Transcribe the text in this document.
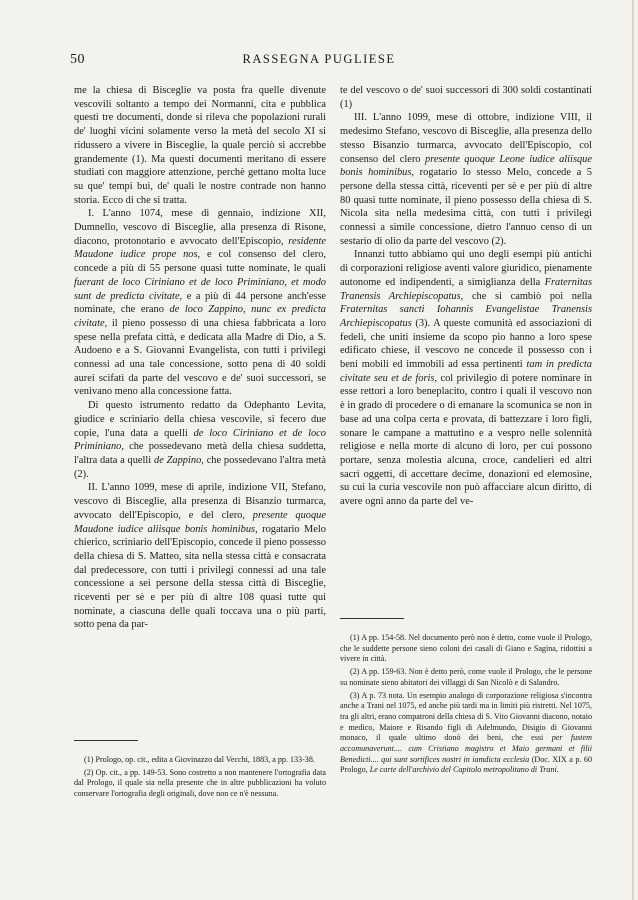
50	RASSEGNA PUGLIESE

me la chiesa di Bisceglie va posta fra quelle divenute vescovili soltanto a tempo dei Normanni, cita e pubblica questi tre documenti, donde si rileva che popolazioni rurali de' luoghi vicini solamente verso la metà del secolo XI si ridussero a vivere in Bisceglie, la quale perciò si accrebbe grandemente (1). Ma questi documenti meritano di essere studiati con maggiore attenzione, perchè gettano molta luce su que' tempi bui, de' quali le nostre contrade non hanno storia. Ecco di che si tratta.

I. L'anno 1074, mese di gennaio, indizione XII, Dumnello, vescovo di Bisceglie, alla presenza di Risone, diacono, protonotario e avvocato dell'Episcopio, residente Maudone iudice prope nos, e col consenso del clero, concede a più di 55 persone quasi tutte nominate, le quali fuerant de loco Ciriniano et de loco Priminiano, et modo sunt de predicta civitate, e a più di 44 persone anch'esse nominate, che erano de loco Zappino, nunc ex predicta civitate, il pieno possesso di una chiesa fabbricata a loro spese nella prefata città, e dedicata alla Madre di Dio, a S. Audoeno e a S. Giovanni Evangelista, con tutti i privilegi connessi ad una tale concessione, sotto pena di 40 soldi aurei scifati da parte del vescovo e de' suoi successori, se venivano meno alla concessione fatta.

Di questo istrumento redatto da Odephanto Levita, giudice e scriniario della chiesa vescovile, si fecero due copie, l'una data a quelli de loco Ciriniano et de loco Priminiano, che possedevano metà della chiesa suddetta, l'altra data a quelli de Zappino, che possedevano l'altra metà (2).

II. L'anno 1099, mese di aprile, indizione VII, Stefano, vescovo di Bisceglie, alla presenza di Bisanzio turmarca, avvocato dell'Episcopio, e del clero, presente quoque Maudone iudice aliisque bonis hominibus, rogatario Melo chierico, scriniario dell'Episcopio, concede il pieno possesso della chiesa di S. Matteo, sita nella stessa città e consacrata dal predecessore, con tutti i privilegi connessi ad una tale concessione a sei persone della stessa città di Bisceglie, riceventi per sè e per più di altre 108 quasi tutte qui nominate, a ciascuna delle quali toccava una o più parti, sotto pena da par-

te del vescovo o de' suoi successori di 300 soldi costantinati (1)

III. L'anno 1099, mese di ottobre, indizione VIII, il medesimo Stefano, vescovo di Bisceglie, alla presenza dello stesso Bisanzio turmarca, avvocato dell'Episcopio, col consenso del clero presente quoque Leone iudice aliisque bonis hominibus, rogatario lo stesso Melo, concede a 5 persone della stessa città, riceventi per sè e per più di altre 80 quasi tutte nominate, il pieno possesso della chiesa di S. Nicola sita nella medesima città, con tutti i privilegi connessi a simile concessione, dietro l'annuo censo di un sestario di olio da parte del vescovo (2).

Innanzi tutto abbiamo qui uno degli esempi più antichi di corporazioni religiose aventi valore giuridico, pienamente autonome ed indipendenti, a simiglianza della Fraternitas Tranensis Archiepiscopatus, che si cambiò poi nella Fraternitas sancti Iohannis Evangelistae Tranensis Archiepiscopatus (3). A queste comunità ed associazioni di fedeli, che uniti insieme da scopo pio hanno a loro spese edificato chiese, il vescovo ne concede il possesso con i beni mobili ed immobili ad essa pertinenti tam in predicta civitate seu et de foris, col privilegio di potere nominare in esse rettori a loro beneplacito, contro i quali il vescovo non è in grado di procedere o di emanare la scomunica se non in base ad una colpa certa e provata, di battezzare i loro figli, sonare le campane a mattutino e a vespro nelle solennità religiose e nella morte di alcuno di loro, per cui possono portare, senza molestia alcuna, croce, candelieri ed altri sacri oggetti, di accettare decime, donazioni ed elemosine, su cui la curia vescovile non può affacciare alcun diritto, di avere ogni anno da parte del ve-

(1) Prologo, op. cit., edita a Giovinazzo dal Vecchi, 1883, a pp. 133-38.

(2) Op. cit., a pp. 149-53. Sono costretto a non mantenere l'ortografia data dal Prologo, il quale sia nella presente che in altre pubblicazioni ha voluto conservare l'ortografia degli originali, dove non ce n'è nessuna.

(1) A pp. 154-58. Nel documento però non è detto, come vuole il Prologo, che le suddette persone sieno coloni dei casali di Giano e Sagina, ridottisi a vivere in città.

(2) A pp. 159-63. Non è detto però, come vuole il Prologo, che le persone su nominate sieno abitatori dei villaggi di San Nicolò e di Salandro.

(3) A p. 73 nota. Un esempio analogo di corporazione religiosa s'incontra anche a Trani nel 1075, ed anche più tardi ma in limiti più ristretti. Nel 1075, tra gli altri, erano compatroni della chiesa di S. Vito Giovanni diacono, notaio e medico, Maiore e Risando figli di Adelmundo, Disigio di Giovanni monaco, il quale ultimo donò dei beni, che essi per fustem accomunaverunt.... cum Cristiano magistro et Maio germani et filii Benedicti.... qui sunt sortifices nostri in iamdicta ecclesia (Doc. XIX a p. 60 Prologo, Le carte dell'archivio del Capitolo metropolitano di Trani.
